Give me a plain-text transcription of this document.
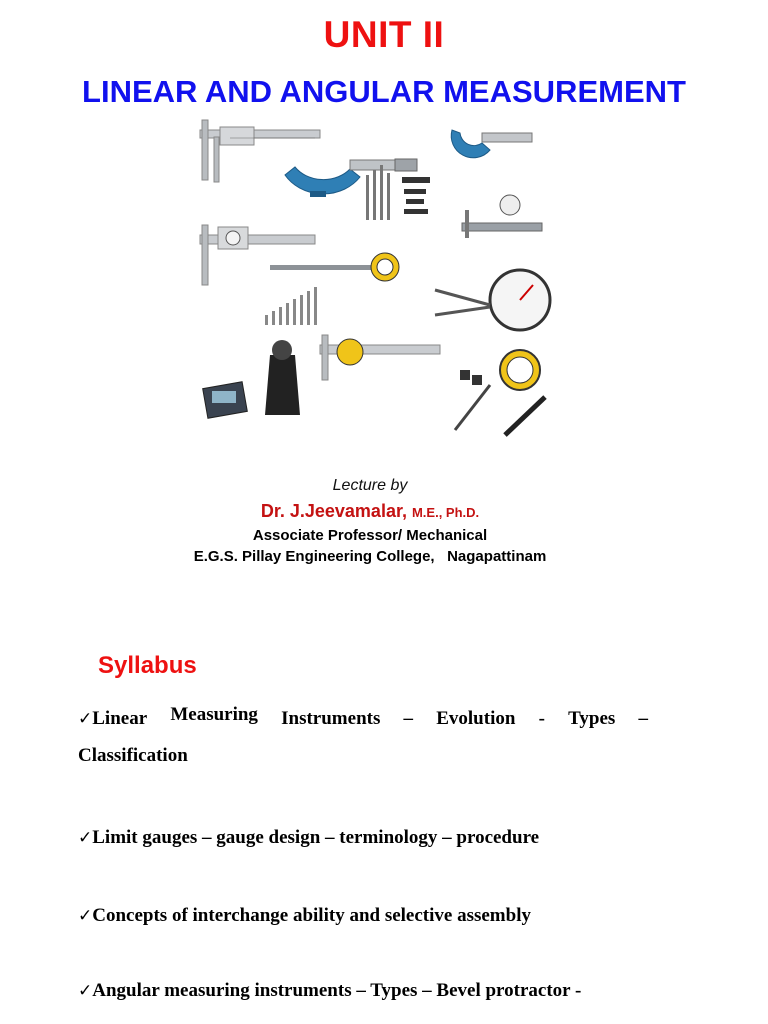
UNIT II
LINEAR AND ANGULAR MEASUREMENT
Lecture by
Dr. J.Jeevamalar, M.E., Ph.D.
Associate Professor/ Mechanical
E.G.S. Pillay Engineering College,   Nagapattinam
Syllabus
✓Linear Measuring Instruments – Evolution - Types –
Classification
✓Limit gauges – gauge design – terminology – procedure
✓Concepts of interchange ability and selective assembly
✓Angular measuring instruments – Types – Bevel protractor -
